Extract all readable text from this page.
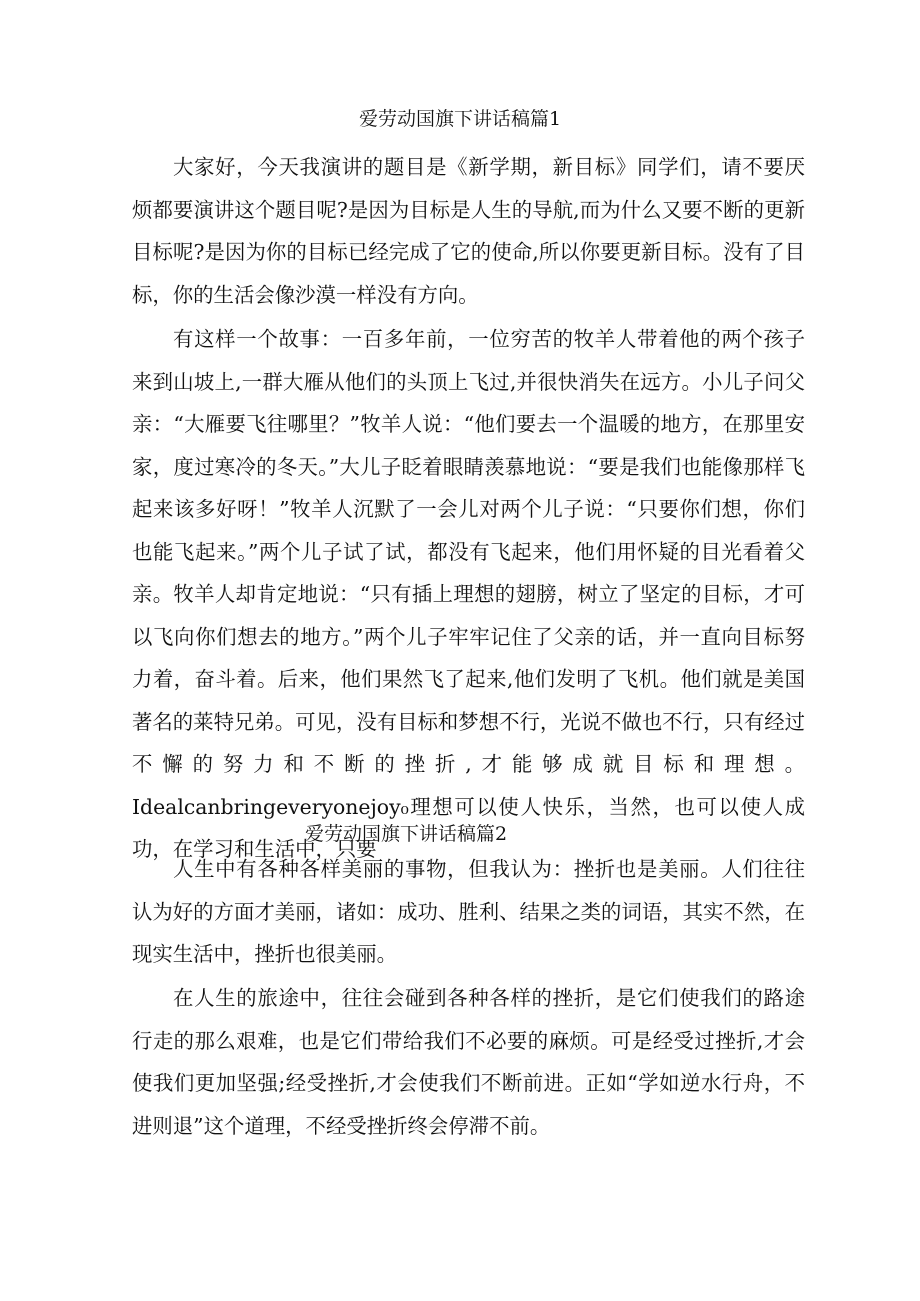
爱劳动国旗下讲话稿篇1

大家好，今天我演讲的题目是《新学期，新目标》同学们，请不要厌烦都要演讲这个题目呢?是因为目标是人生的导航,而为什么又要不断的更新目标呢?是因为你的目标已经完成了它的使命,所以你要更新目标。没有了目标，你的生活会像沙漠一样没有方向。

有这样一个故事：一百多年前，一位穷苦的牧羊人带着他的两个孩子来到山坡上,一群大雁从他们的头顶上飞过,并很快消失在远方。小儿子问父亲：“大雁要飞往哪里？”牧羊人说：“他们要去一个温暖的地方，在那里安家，度过寒冷的冬天。”大儿子眨着眼睛羡慕地说：“要是我们也能像那样飞起来该多好呀！”牧羊人沉默了一会儿对两个儿子说：“只要你们想，你们也能飞起来。”两个儿子试了试，都没有飞起来，他们用怀疑的目光看着父亲。牧羊人却肯定地说：“只有插上理想的翅膀，树立了坚定的目标，才可以飞向你们想去的地方。”两个儿子牢牢记住了父亲的话，并一直向目标努力着，奋斗着。后来，他们果然飞了起来,他们发明了飞机。他们就是美国著名的莱特兄弟。可见，没有目标和梦想不行，光说不做也不行，只有经过不懈的努力和不断的挫折,才能够成就目标和理想。Idealcanbringeveryonejoy₀理想可以使人快乐，当然，也可以使人成功，在学习和生活中，只要

爱劳动国旗下讲话稿篇2

人生中有各种各样美丽的事物，但我认为：挫折也是美丽。人们往往认为好的方面才美丽，诸如：成功、胜利、结果之类的词语，其实不然，在现实生活中，挫折也很美丽。

在人生的旅途中，往往会碰到各种各样的挫折，是它们使我们的路途行走的那么艰难，也是它们带给我们不必要的麻烦。可是经受过挫折,才会使我们更加坚强;经受挫折,才会使我们不断前进。正如“学如逆水行舟，不进则退”这个道理，不经受挫折终会停滞不前。
